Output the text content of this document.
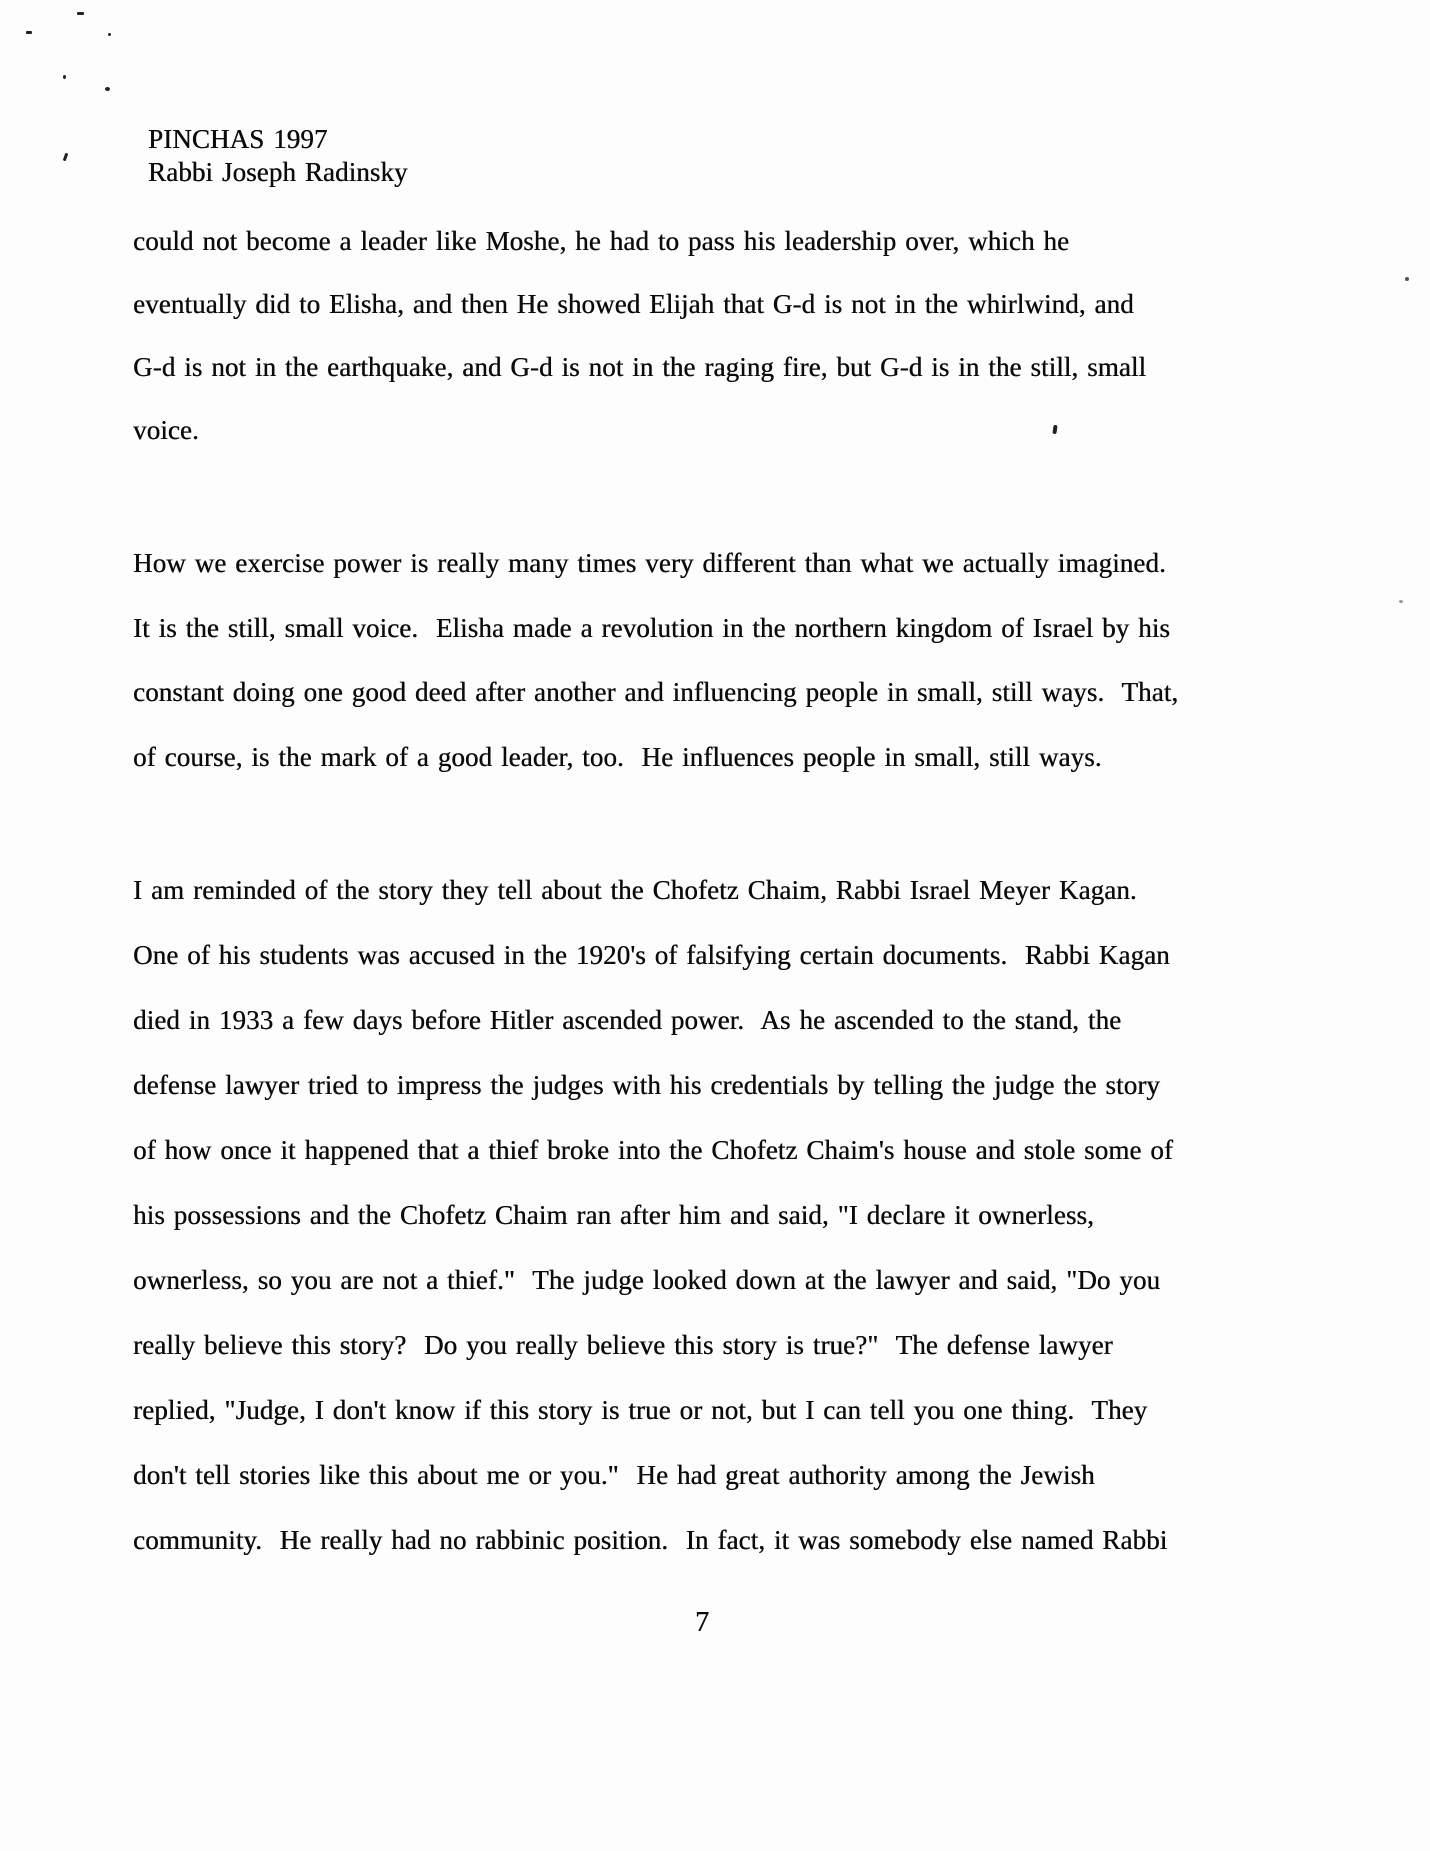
PINCHAS 1997
Rabbi Joseph Radinsky
could not become a leader like Moshe, he had to pass his leadership over, which he
eventually did to Elisha, and then He showed Elijah that G-d is not in the whirlwind, and
G-d is not in the earthquake, and G-d is not in the raging fire, but G-d is in the still, small
voice.
How we exercise power is really many times very different than what we actually imagined.
It is the still, small voice.  Elisha made a revolution in the northern kingdom of Israel by his
constant doing one good deed after another and influencing people in small, still ways.  That,
of course, is the mark of a good leader, too.  He influences people in small, still ways.
I am reminded of the story they tell about the Chofetz Chaim, Rabbi Israel Meyer Kagan.
One of his students was accused in the 1920's of falsifying certain documents.  Rabbi Kagan
died in 1933 a few days before Hitler ascended power.  As he ascended to the stand, the
defense lawyer tried to impress the judges with his credentials by telling the judge the story
of how once it happened that a thief broke into the Chofetz Chaim's house and stole some of
his possessions and the Chofetz Chaim ran after him and said, "I declare it ownerless,
ownerless, so you are not a thief."  The judge looked down at the lawyer and said, "Do you
really believe this story?  Do you really believe this story is true?"  The defense lawyer
replied, "Judge, I don't know if this story is true or not, but I can tell you one thing.  They
don't tell stories like this about me or you."  He had great authority among the Jewish
community.  He really had no rabbinic position.  In fact, it was somebody else named Rabbi
7
